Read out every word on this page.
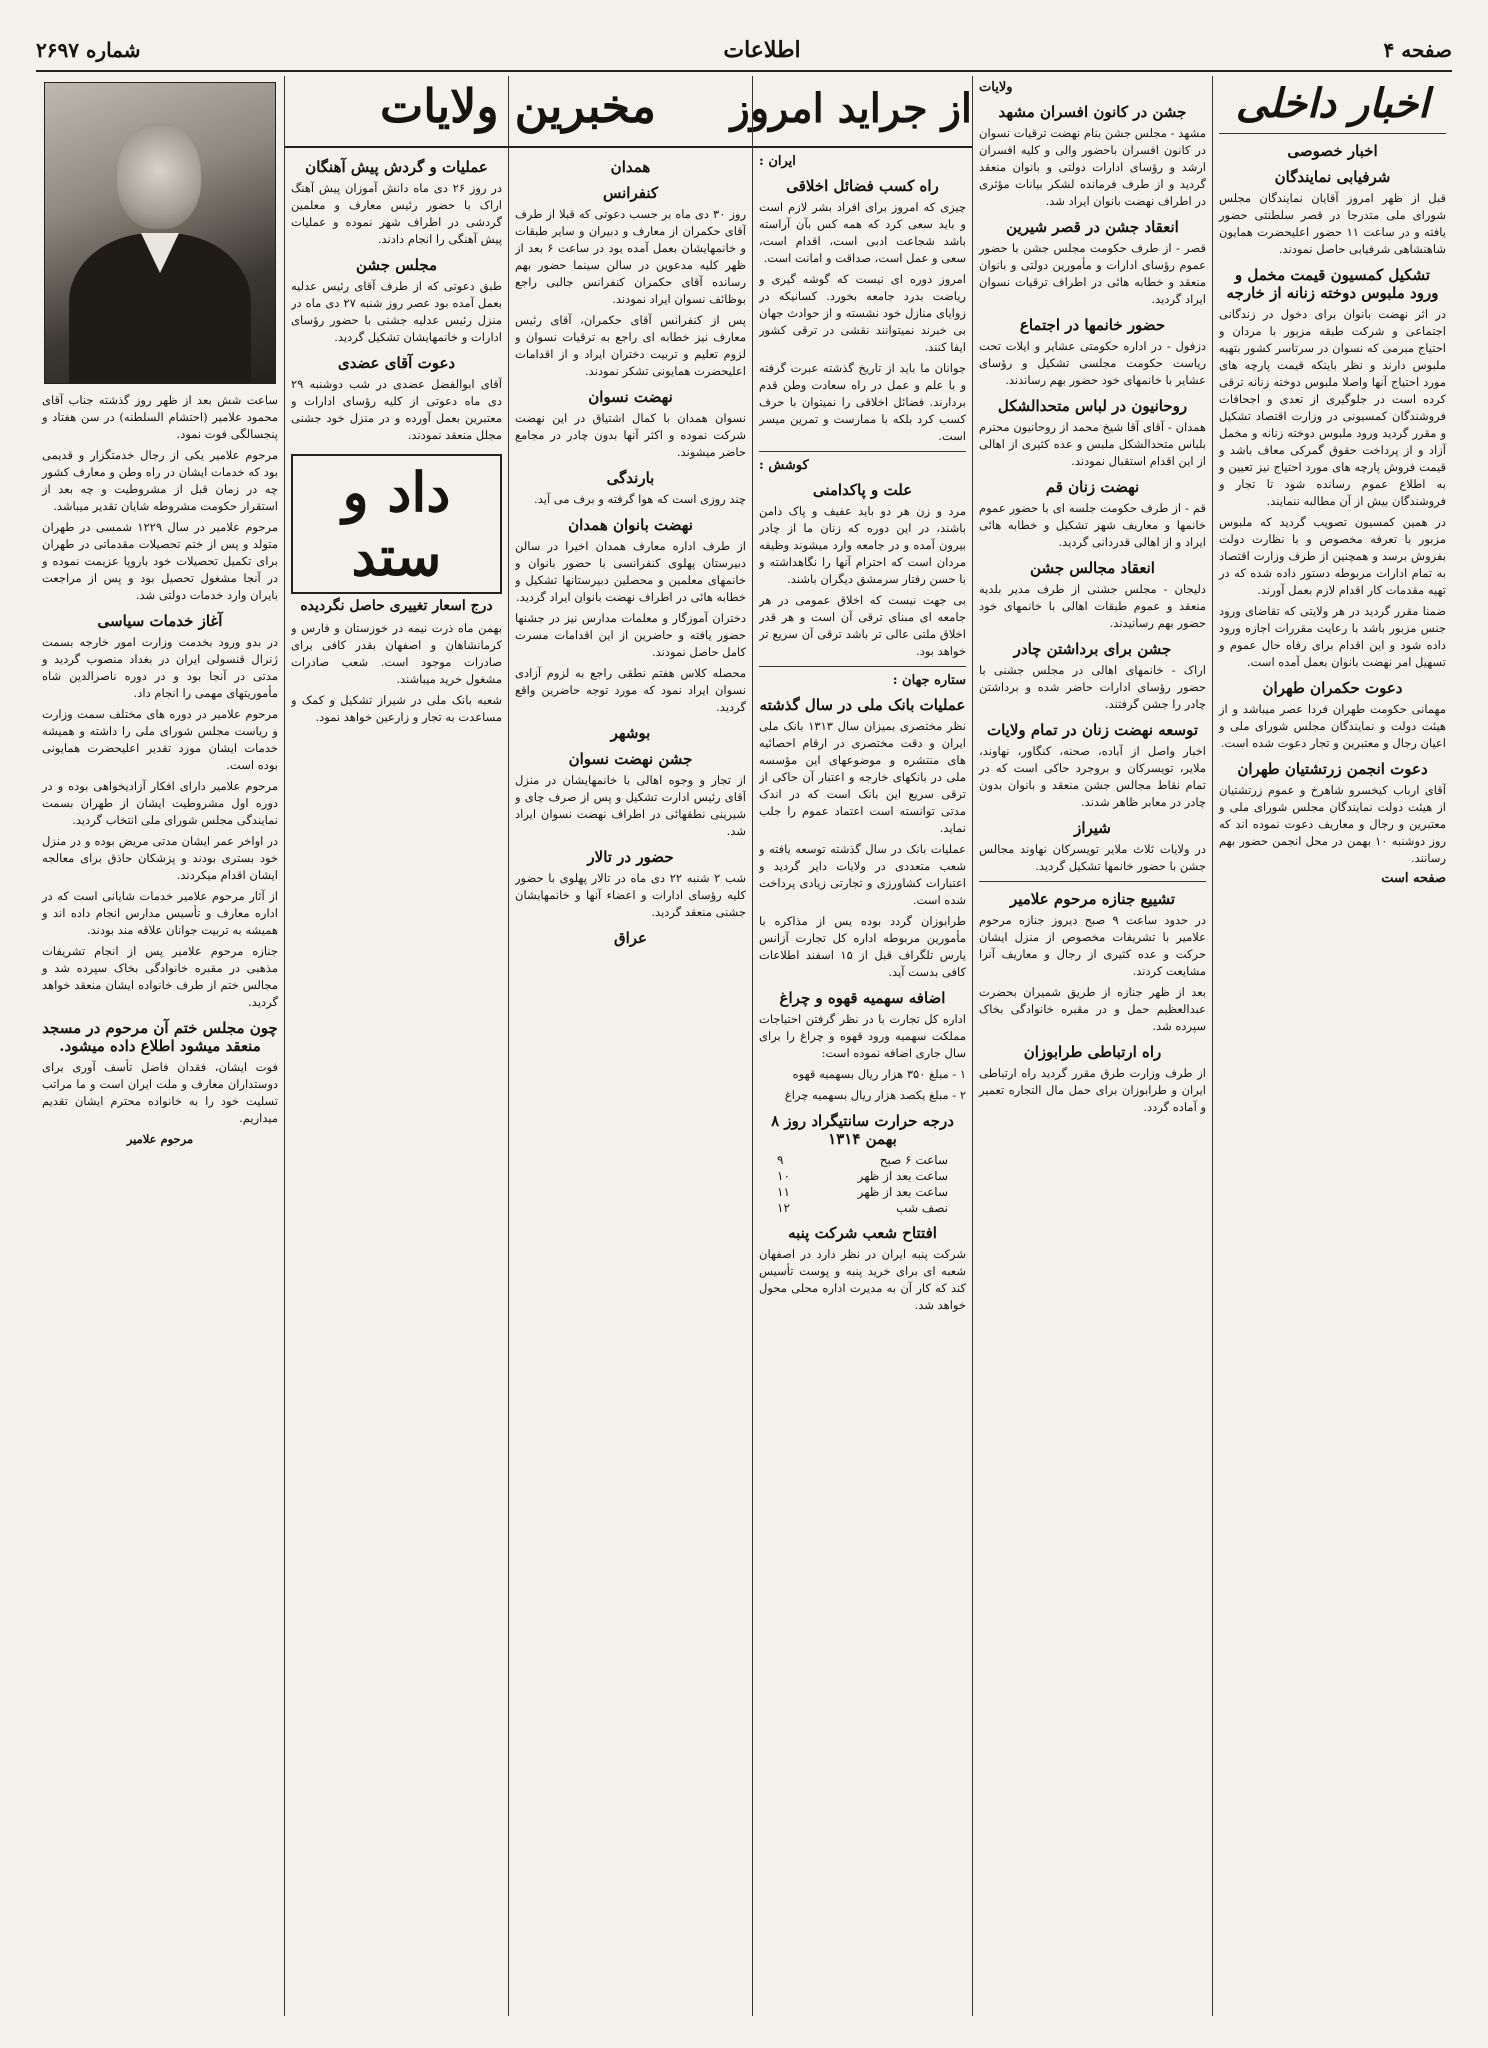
صفحه ۴
اطلاعات
شماره ۲۶۹۷
اخبار داخلی
اخبار خصوصی
شرفیابی نمایندگان

قبل از ظهر امروز آقایان نمایندگان مجلس شورای ملی متدرجا در قصر سلطنتی حضور یافته و در ساعت ۱۱ حضور اعلیحضرت همایون شاهنشاهی شرفیابی حاصل نمودند.

تشکیل کمسیون قیمت مخمل و ورود ملبوس دوخته زنانه از خارجه

در اثر نهضت بانوان برای دخول در زندگانی اجتماعی و شرکت طبقه مزبور با مردان و احتیاج مبرمی که نسوان در سرتاسر کشور بتهیه ملبوس دارند و نظر باینکه قیمت پارچه های مورد احتیاج آنها واصلا ملبوس دوخته زنانه ترقی کرده است در جلوگیری از تعدی و اجحافات فروشندگان کمسیونی در وزارت اقتصاد تشکیل و مقرر گردید ورود ملبوس دوخته زنانه و مخمل آزاد و از پرداخت حقوق گمرکی معاف باشد و قیمت فروش پارچه های مورد احتیاج نیز تعیین و به اطلاع عموم رسانده شود تا تجار و فروشندگان بیش از آن مطالبه ننمایند.

در همین کمسیون تصویب گردید که ملبوس مزبور با تعرفه مخصوص و با نظارت دولت بفروش برسد و همچنین از طرف وزارت اقتصاد به تمام ادارات مربوطه دستور داده شده که در تهیه مقدمات کار اقدام لازم بعمل آورند.

ضمنا مقرر گردید در هر ولایتی که تقاضای ورود جنس مزبور باشد با رعایت مقررات اجازه ورود داده شود و این اقدام برای رفاه حال عموم و تسهیل امر نهضت بانوان بعمل آمده است.

دعوت حکمران طهران

مهمانی حکومت طهران فردا عصر میباشد و از هیئت دولت و نمایندگان مجلس شورای ملی و اعیان رجال و معتبرین و تجار دعوت شده است.

دعوت انجمن زرتشتیان طهران

آقای ارباب کیخسرو شاهرخ و عموم زرتشتیان از هیئت دولت نمایندگان مجلس شورای ملی و معتبرین و رجال و معاریف دعوت نموده اند که روز دوشنبه ۱۰ بهمن در محل انجمن حضور بهم رسانند.

صفحه است
ولایات
جشن در کانون افسران مشهد

مشهد - مجلس جشن بنام نهضت ترقیات نسوان در کانون افسران باحضور والی و کلیه افسران ارشد و رؤسای ادارات دولتی و بانوان منعقد گردید و از طرف فرمانده لشکر بیانات مؤثری در اطراف نهضت بانوان ایراد شد.

انعقاد جشن در قصر شیرین

قصر - از طرف حکومت مجلس جشن با حضور عموم رؤسای ادارات و مأمورین دولتی و بانوان منعقد و خطابه هائی در اطراف ترقیات نسوان ایراد گردید.

حضور خانمها در اجتماع

دزفول - در اداره حکومتی عشایر و ایلات تحت ریاست حکومت مجلسی تشکیل و رؤسای عشایر با خانمهای خود حضور بهم رساندند.

روحانیون در لباس متحدالشکل

همدان - آقای آقا شیخ محمد از روحانیون محترم بلباس متحدالشکل ملبس و عده کثیری از اهالی از این اقدام استقبال نمودند.

نهضت زنان قم

قم - از طرف حکومت جلسه ای با حضور عموم خانمها و معاریف شهر تشکیل و خطابه هائی ایراد و از اهالی قدردانی گردید.

انعقاد مجالس جشن

دلیجان - مجلس جشنی از طرف مدیر بلدیه منعقد و عموم طبقات اهالی با خانمهای خود حضور بهم رسانیدند.

جشن برای برداشتن چادر

اراک - خانمهای اهالی در مجلس جشنی با حضور رؤسای ادارات حاضر شده و برداشتن چادر را جشن گرفتند.

توسعه نهضت زنان در تمام ولایات

اخبار واصل از آباده، صحنه، کنگاور، نهاوند، ملایر، تویسرکان و بروجرد حاکی است که در تمام نقاط مجالس جشن منعقد و بانوان بدون چادر در معابر ظاهر شدند.

شیراز

در ولایات ثلاث ملایر تویسرکان نهاوند مجالس جشن با حضور خانمها تشکیل گردید.

تشییع جنازه مرحوم علامیر

در حدود ساعت ۹ صبح دیروز جنازه مرحوم علامیر با تشریفات مخصوص از منزل ایشان حرکت و عده کثیری از رجال و معاریف آنرا مشایعت کردند.

بعد از ظهر جنازه از طریق شمیران بحضرت عبدالعظیم حمل و در مقبره خانوادگی بخاک سپرده شد.

راه ارتباطی طرابوزان

از طرف وزارت طرق مقرر گردید راه ارتباطی ایران و طرابوزان برای حمل مال التجاره تعمیر و آماده گردد.

از جراید امروز
ایران :
راه کسب فضائل اخلاقی

چیزی که امروز برای افراد بشر لازم است و باید سعی کرد که همه کس بآن آراسته باشد شجاعت ادبی است، اقدام است، سعی و عمل است، صداقت و امانت است.

امروز دوره ای نیست که گوشه گیری و ریاضت بدرد جامعه بخورد. کسانیکه در زوایای منازل خود نشسته و از حوادث جهان بی خبرند نمیتوانند نقشی در ترقی کشور ایفا کنند.

جوانان ما باید از تاریخ گذشته عبرت گرفته و با علم و عمل در راه سعادت وطن قدم بردارند. فضائل اخلاقی را نمیتوان با حرف کسب کرد بلکه با ممارست و تمرین میسر است.

کوشش :
علت و پاکدامنی

مرد و زن هر دو باید عفیف و پاک دامن باشند، در این دوره که زنان ما از چادر بیرون آمده و در جامعه وارد میشوند وظیفه مردان است که احترام آنها را نگاهداشته و با حسن رفتار سرمشق دیگران باشند.

بی جهت نیست که اخلاق عمومی در هر جامعه ای مبنای ترقی آن است و هر قدر اخلاق ملتی عالی تر باشد ترقی آن سریع تر خواهد بود.

ستاره جهان :
عملیات بانک ملی در سال گذشته

نظر مختصری بمیزان سال ۱۳۱۳ بانک ملی ایران و دقت مختصری در ارقام احصائیه های منتشره و موضوعهای این مؤسسه ملی در بانکهای خارجه و اعتبار آن حاکی از ترقی سریع این بانک است که در اندک مدتی توانسته است اعتماد عموم را جلب نماید.

عملیات بانک در سال گذشته توسعه یافته و شعب متعددی در ولایات دایر گردید و اعتبارات کشاورزی و تجارتی زیادی پرداخت شده است.

طرابوزان گردد بوده یس از مذاکره با مأمورین مربوطه اداره کل تجارت آزانس یارس تلگراف قبل از ۱۵ اسفند اطلاعات کافی بدست آید.

اضافه سهمیه قهوه و چراغ

اداره کل تجارت با در نظر گرفتن احتیاجات مملکت سهمیه ورود قهوه و چراغ را برای سال جاری اضافه نموده است:

۱ - مبلغ ۳۵۰ هزار ریال بسهمیه قهوه

۲ - مبلغ یکصد هزار ریال بسهمیه چراغ

درجه حرارت سانتیگراد روز ۸ بهمن ۱۳۱۴
ساعت ۶ صبح
۹
ساعت بعد از ظهر
۱۰
ساعت بعد از ظهر
۱۱
نصف شب
۱۲
افتتاح شعب شرکت پنبه

شرکت پنبه ایران در نظر دارد در اصفهان شعبه ای برای خرید پنبه و پوست تأسیس کند که کار آن به مدیرت اداره محلی محول خواهد شد.

مخبرین ولایات
همدان
کنفرانس

روز ۳۰ دی ماه بر حسب دعوتی که قبلا از طرف آقای حکمران از معارف و دبیران و سایر طبقات و خانمهایشان بعمل آمده بود در ساعت ۶ بعد از ظهر کلیه مدعوین در سالن سینما حضور بهم رسانده آقای حکمران کنفرانس جالبی راجع بوظائف نسوان ایراد نمودند.

پس از کنفرانس آقای حکمران، آقای رئیس معارف نیز خطابه ای راجع به ترقیات نسوان و لزوم تعلیم و تربیت دختران ایراد و از اقدامات اعلیحضرت همایونی تشکر نمودند.

نهضت نسوان

نسوان همدان با کمال اشتیاق در این نهضت شرکت نموده و اکثر آنها بدون چادر در مجامع حاضر میشوند.

بارندگی

چند روزی است که هوا گرفته و برف می آید.

نهضت بانوان همدان

از طرف اداره معارف همدان اخیرا در سالن دبیرستان پهلوی کنفرانسی با حضور بانوان و خانمهای معلمین و محصلین دبیرستانها تشکیل و خطابه هائی در اطراف نهضت بانوان ایراد گردید.

دختران آموزگار و معلمات مدارس نیز در جشنها حضور یافته و حاضرین از این اقدامات مسرت کامل حاصل نمودند.

محصله کلاس هفتم نطقی راجع به لزوم آزادی نسوان ایراد نمود که مورد توجه حاضرین واقع گردید.

بوشهر
جشن نهضت نسوان

از تجار و وجوه اهالی با خانمهایشان در منزل آقای رئیس ادارت تشکیل و پس از صرف چای و شیرینی نطقهائی در اطراف نهضت نسوان ایراد شد.

حضور در تالار

شب ۲ شنبه ۲۲ دی ماه در تالار پهلوی با حضور کلیه رؤسای ادارات و اعضاء آنها و خانمهایشان جشنی منعقد گردید.

عراق
عملیات و گردش پیش آهنگان

در روز ۲۶ دی ماه دانش آموزان پیش آهنگ اراک با حضور رئیس معارف و معلمین گردشی در اطراف شهر نموده و عملیات پیش آهنگی را انجام دادند.

مجلس جشن

طبق دعوتی که از طرف آقای رئیس عدلیه بعمل آمده بود عصر روز شنبه ۲۷ دی ماه در منزل رئیس عدلیه جشنی با حضور رؤسای ادارات و خانمهایشان تشکیل گردید.

دعوت آقای عضدی

آقای ابوالفضل عضدی در شب دوشنبه ۲۹ دی ماه دعوتی از کلیه رؤسای ادارات و معتبرین بعمل آورده و در منزل خود جشنی مجلل منعقد نمودند.

داد و ستد
درج اسعار تغییری حاصل نگردیده

بهمن ماه ذرت نیمه در خوزستان و فارس و کرمانشاهان و اصفهان بقدر کافی برای صادرات موجود است. شعب صادرات مشغول خرید میباشند.

شعبه بانک ملی در شیراز تشکیل و کمک و مساعدت به تجار و زارعین خواهد نمود.

ساعت شش بعد از ظهر روز گذشته جناب آقای محمود علامیر (احتشام السلطنه) در سن هفتاد و پنجسالگی فوت نمود.

مرحوم علامیر یکی از رجال خدمتگزار و قدیمی بود که خدمات ایشان در راه وطن و معارف کشور چه در زمان قبل از مشروطیت و چه بعد از استقرار حکومت مشروطه شایان تقدیر میباشد.

مرحوم علامیر در سال ۱۲۲۹ شمسی در طهران متولد و پس از ختم تحصیلات مقدماتی در طهران برای تکمیل تحصیلات خود باروپا عزیمت نموده و در آنجا مشغول تحصیل بود و پس از مراجعت بایران وارد خدمات دولتی شد.

آغاز خدمات سیاسی

در بدو ورود بخدمت وزارت امور خارجه بسمت ژنرال قنسولی ایران در بغداد منصوب گردید و مدتی در آنجا بود و در دوره ناصرالدین شاه مأموریتهای مهمی را انجام داد.

مرحوم علامیر در دوره های مختلف سمت وزارت و ریاست مجلس شورای ملی را داشته و همیشه خدمات ایشان مورد تقدیر اعلیحضرت همایونی بوده است.

مرحوم علامیر دارای افکار آزادیخواهی بوده و در دوره اول مشروطیت ایشان از طهران بسمت نمایندگی مجلس شورای ملی انتخاب گردید.

در اواخر عمر ایشان مدتی مریض بوده و در منزل خود بستری بودند و پزشکان حاذق برای معالجه ایشان اقدام میکردند.

از آثار مرحوم علامیر خدمات شایانی است که در اداره معارف و تأسیس مدارس انجام داده اند و همیشه به تربیت جوانان علاقه مند بودند.

جنازه مرحوم علامیر پس از انجام تشریفات مذهبی در مقبره خانوادگی بخاک سپرده شد و مجالس ختم از طرف خانواده ایشان منعقد خواهد گردید.

چون مجلس ختم آن مرحوم در مسجد منعقد میشود اطلاع داده میشود.

فوت ایشان، فقدان فاضل تأسف آوری برای دوستداران معارف و ملت ایران است و ما مراتب تسلیت خود را به خانواده محترم ایشان تقدیم میداریم.

مرحوم علامیر
